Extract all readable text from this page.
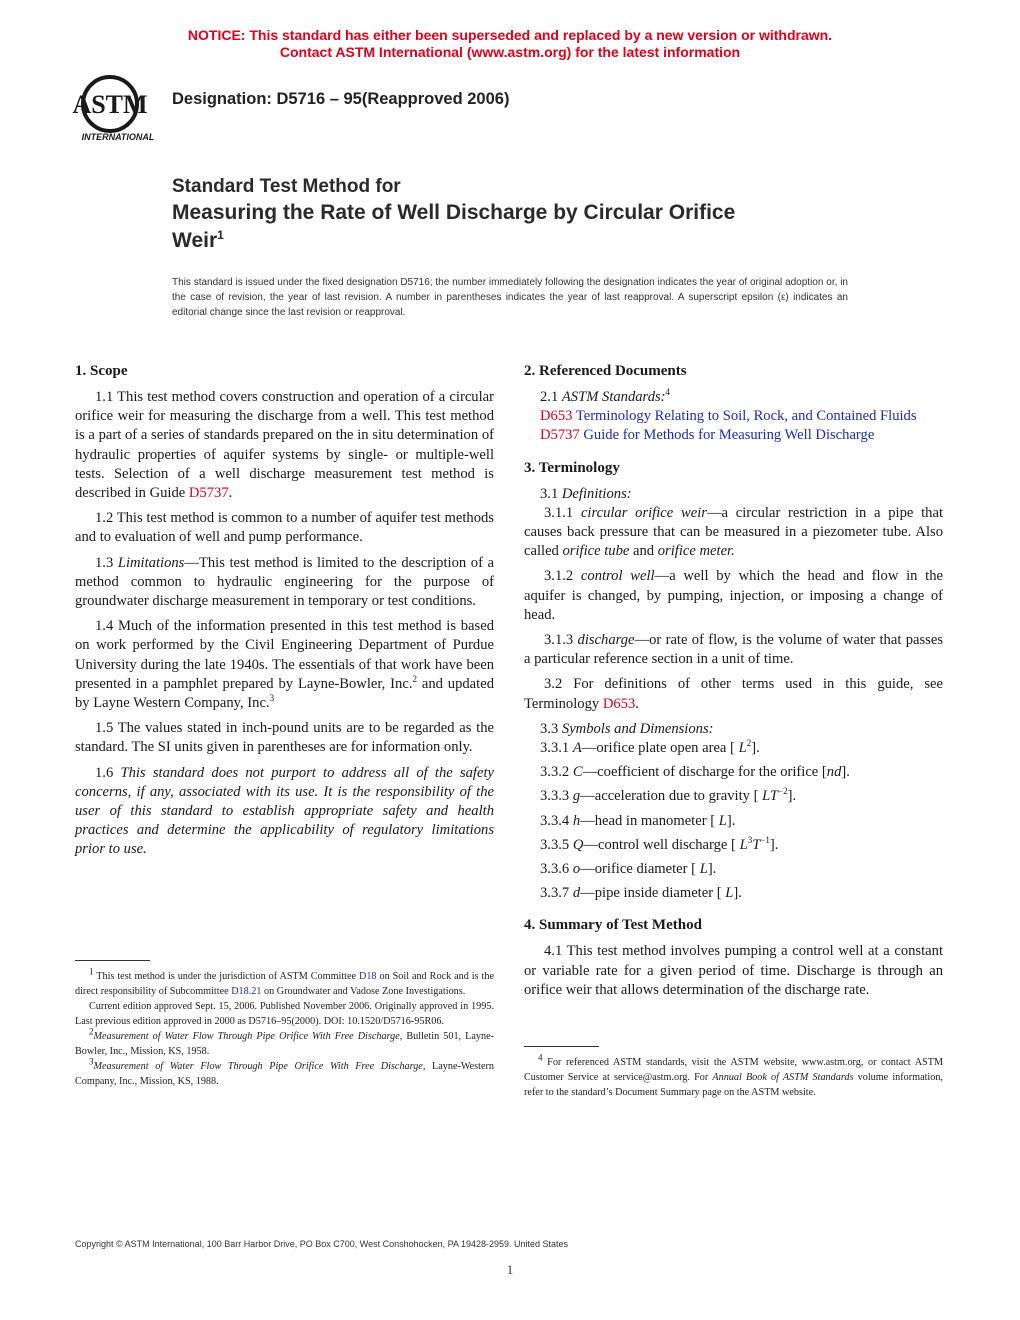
NOTICE: This standard has either been superseded and replaced by a new version or withdrawn.
Contact ASTM International (www.astm.org) for the latest information
ASTM
INTERNATIONAL
Designation: D5716 – 95(Reapproved 2006)
Standard Test Method for
Measuring the Rate of Well Discharge by Circular Orifice
Weir$^1$
This standard is issued under the fixed designation D5716; the number immediately following the designation indicates the year of original adoption or, in the case of revision, the year of last revision. A number in parentheses indicates the year of last reapproval. A superscript epsilon (ε) indicates an editorial change since the last revision or reapproval.
1. Scope

1.1 This test method covers construction and operation of a circular orifice weir for measuring the discharge from a well. This test method is a part of a series of standards prepared on the in situ determination of hydraulic properties of aquifer systems by single- or multiple-well tests. Selection of a well discharge measurement test method is described in Guide D5737.

1.2 This test method is common to a number of aquifer test methods and to evaluation of well and pump performance.

1.3 Limitations—This test method is limited to the description of a method common to hydraulic engineering for the purpose of groundwater discharge measurement in temporary or test conditions.

1.4 Much of the information presented in this test method is based on work performed by the Civil Engineering Department of Purdue University during the late 1940s. The essentials of that work have been presented in a pamphlet prepared by Layne-Bowler, Inc.$^2$ and updated by Layne Western Company, Inc.$^3$

1.5 The values stated in inch-pound units are to be regarded as the standard. The SI units given in parentheses are for information only.

1.6 This standard does not purport to address all of the safety concerns, if any, associated with its use. It is the responsibility of the user of this standard to establish appropriate safety and health practices and determine the applicability of regulatory limitations prior to use.

$^1$ This test method is under the jurisdiction of ASTM Committee D18 on Soil and Rock and is the direct responsibility of Subcommittee D18.21 on Groundwater and Vadose Zone Investigations.

Current edition approved Sept. 15, 2006. Published November 2006. Originally approved in 1995. Last previous edition approved in 2000 as D5716–95(2000). DOI: 10.1520/D5716-95R06.

$^2$Measurement of Water Flow Through Pipe Orifice With Free Discharge, Bulletin 501, Layne-Bowler, Inc., Mission, KS, 1958.

$^3$Measurement of Water Flow Through Pipe Orifice With Free Discharge, Layne-Western Company, Inc., Mission, KS, 1988.

2. Referenced Documents

2.1 ASTM Standards:$^4$

D653 Terminology Relating to Soil, Rock, and Contained Fluids

D5737 Guide for Methods for Measuring Well Discharge

3. Terminology

3.1 Definitions:

3.1.1 circular orifice weir—a circular restriction in a pipe that causes back pressure that can be measured in a piezometer tube. Also called orifice tube and orifice meter.

3.1.2 control well—a well by which the head and flow in the aquifer is changed, by pumping, injection, or imposing a change of head.

3.1.3 discharge—or rate of flow, is the volume of water that passes a particular reference section in a unit of time.

3.2 For definitions of other terms used in this guide, see Terminology D653.

3.3 Symbols and Dimensions:

3.3.1 A—orifice plate open area [ $L^2$].

3.3.2 C—coefficient of discharge for the orifice [nd].

3.3.3 g—acceleration due to gravity [ $LT^{-2}$].

3.3.4 h—head in manometer [ L].

3.3.5 Q—control well discharge [ $L^3T^{-1}$].

3.3.6 o—orifice diameter [ L].

3.3.7 d—pipe inside diameter [ L].

4. Summary of Test Method

4.1 This test method involves pumping a control well at a constant or variable rate for a given period of time. Discharge is through an orifice weir that allows determination of the discharge rate.

$^4$ For referenced ASTM standards, visit the ASTM website, www.astm.org, or contact ASTM Customer Service at service@astm.org. For Annual Book of ASTM Standards volume information, refer to the standard’s Document Summary page on the ASTM website.

Copyright © ASTM International, 100 Barr Harbor Drive, PO Box C700, West Conshohocken, PA 19428-2959. United States
1
